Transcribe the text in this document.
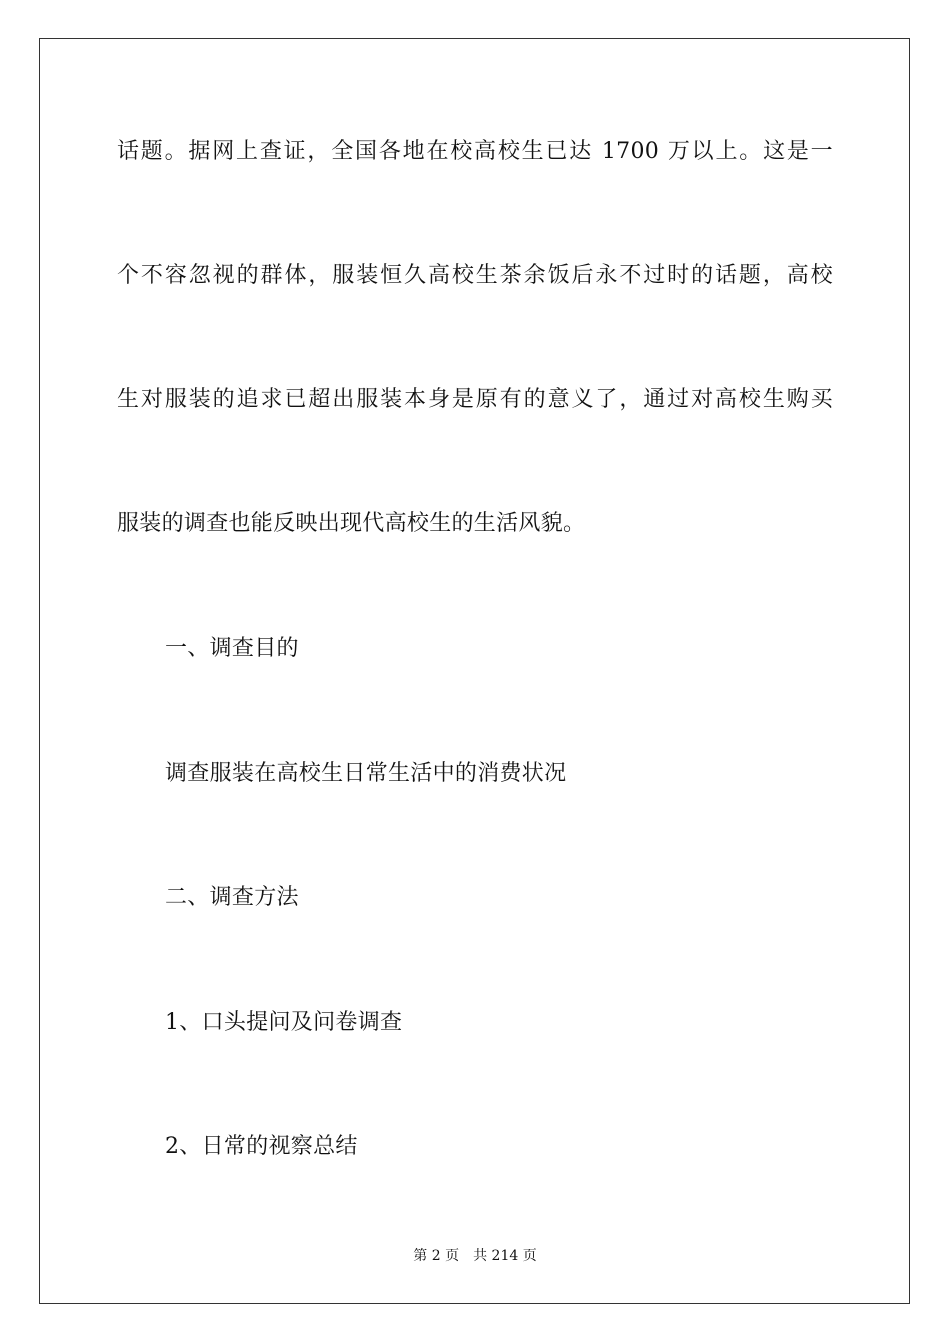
话题。据网上查证，全国各地在校高校生已达 1700 万以上。这是一
个不容忽视的群体，服装恒久高校生茶余饭后永不过时的话题，高校
生对服装的追求已超出服装本身是原有的意义了，通过对高校生购买
服装的调查也能反映出现代高校生的生活风貌。
一、调查目的
调查服装在高校生日常生活中的消费状况
二、调查方法
1、口头提问及问卷调查
2、日常的视察总结
第 2 页 共 214 页
